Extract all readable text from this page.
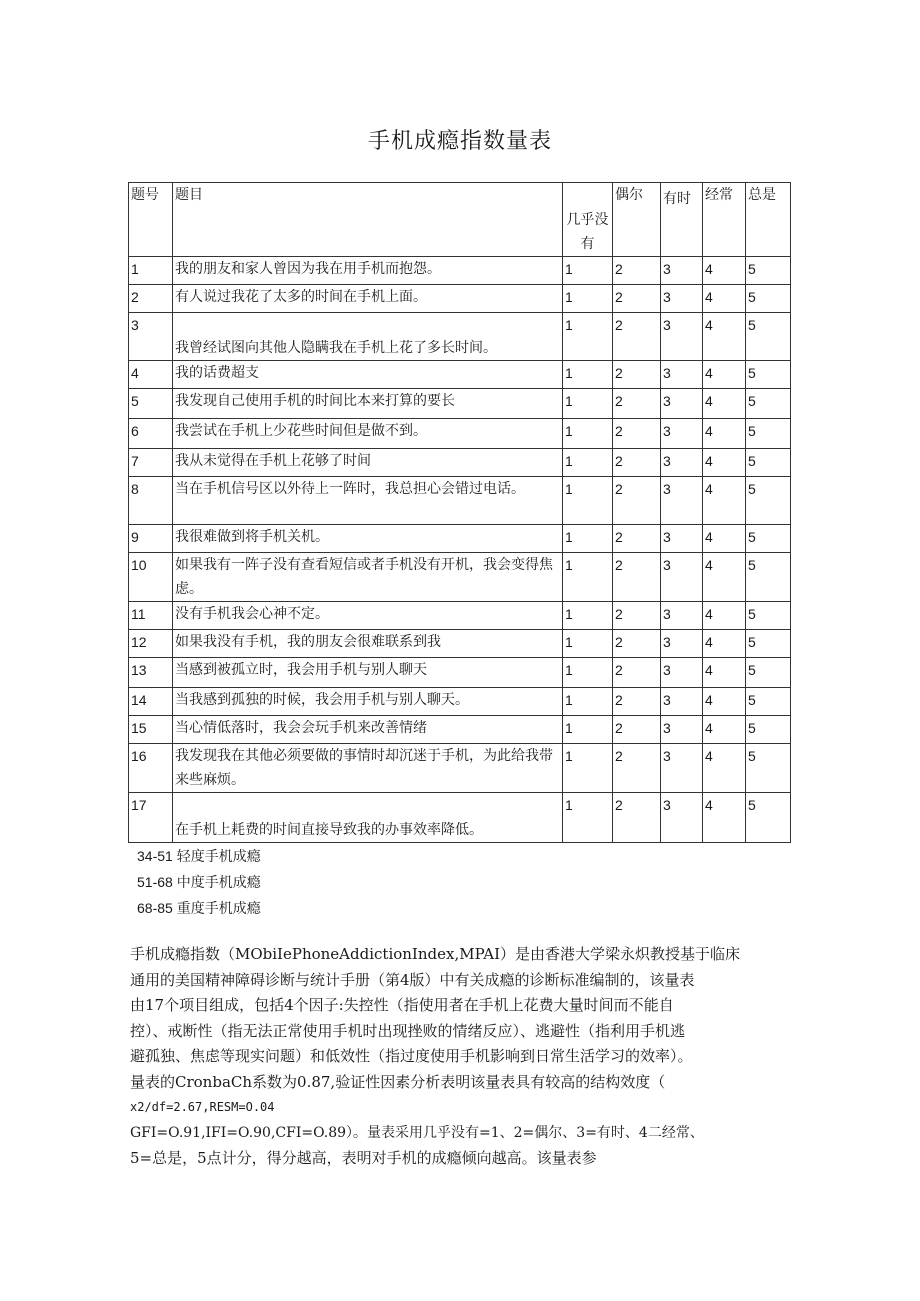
手机成瘾指数量表
题号	题目	几乎没有	偶尔	有时	经常	总是
1	我的朋友和家人曾因为我在用手机而抱怨。	1	2	3	4	5
2	有人说过我花了太多的时间在手机上面。	1	2	3	4	5
3	我曾经试图向其他人隐瞒我在手机上花了多长时间。	1	2	3	4	5
4	我的话费超支	1	2	3	4	5
5	我发现自己使用手机的时间比本来打算的要长	1	2	3	4	5
6	我尝试在手机上少花些时间但是做不到。	1	2	3	4	5
7	我从未觉得在手机上花够了时间	1	2	3	4	5
8	当在手机信号区以外待上一阵时，我总担心会错过电话。	1	2	3	4	5
9	我很难做到将手机关机。	1	2	3	4	5
10	如果我有一阵子没有查看短信或者手机没有开机，我会变得焦虑。	1	2	3	4	5
11	没有手机我会心神不定。	1	2	3	4	5
12	如果我没有手机，我的朋友会很难联系到我	1	2	3	4	5
13	当感到被孤立时，我会用手机与别人聊天	1	2	3	4	5
14	当我感到孤独的时候，我会用手机与别人聊天。	1	2	3	4	5
15	当心情低落时，我会会玩手机来改善情绪	1	2	3	4	5
16	我发现我在其他必须要做的事情时却沉迷于手机，为此给我带来些麻烦。	1	2	3	4	5
17	在手机上耗费的时间直接导致我的办事效率降低。	1	2	3	4	5
34-51 轻度手机成瘾
51-68 中度手机成瘾
68-85 重度手机成瘾
手机成瘾指数（MObiIePhoneAddictionIndex,MPAI）是由香港大学梁永炽教授基于临床
通用的美国精神障碍诊断与统计手册（第4版）中有关成瘾的诊断标准编制的，该量表
由17个项目组成，包括4个因子:失控性（指使用者在手机上花费大量时间而不能自
控）、戒断性（指无法正常使用手机时出现挫败的情绪反应）、逃避性（指利用手机逃
避孤独、焦虑等现实问题）和低效性（指过度使用手机影响到日常生活学习的效率）。
量表的CronbaCh系数为0.87,验证性因素分析表明该量表具有较高的结构效度（
x2∕df=2.67,RESM=O.04
GFI=O.91,IFI=O.90,CFI=O.89）。量表采用几乎没有=1、2=偶尔、3=有时、4二经常、
5=总是，5点计分，得分越高，表明对手机的成瘾倾向越高。该量表参
